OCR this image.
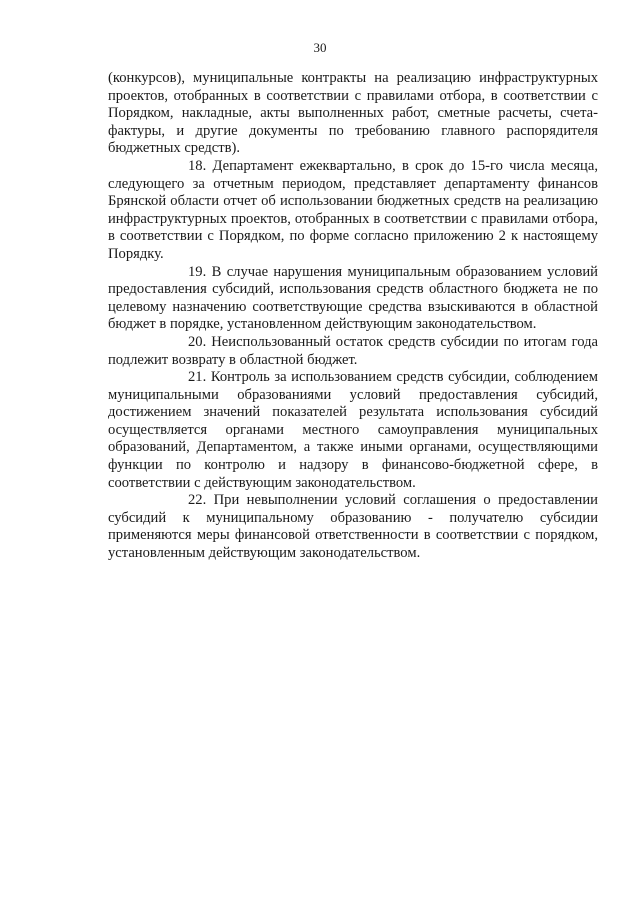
30

(конкурсов), муниципальные контракты на реализацию инфраструктурных проектов, отобранных в соответствии с правилами отбора, в соответствии с Порядком, накладные, акты выполненных работ, сметные расчеты, счета-фактуры, и другие документы по требованию главного распорядителя бюджетных средств).

18. Департамент ежеквартально, в срок до 15-го числа месяца, следующего за отчетным периодом, представляет департаменту финансов Брянской области отчет об использовании бюджетных средств на реализацию инфраструктурных проектов, отобранных в соответствии с правилами отбора, в соответствии с Порядком, по форме согласно приложению 2 к настоящему Порядку.

19. В случае нарушения муниципальным образованием условий предоставления субсидий, использования средств областного бюджета не по целевому назначению соответствующие средства взыскиваются в областной бюджет в порядке, установленном действующим законодательством.

20. Неиспользованный остаток средств субсидии по итогам года подлежит возврату в областной бюджет.

21. Контроль за использованием средств субсидии, соблюдением муниципальными образованиями условий предоставления субсидий, достижением значений показателей результата использования субсидий осуществляется органами местного самоуправления муниципальных образований, Департаментом, а также иными органами, осуществляющими функции по контролю и надзору в финансово-бюджетной сфере, в соответствии с действующим законодательством.

22. При невыполнении условий соглашения о предоставлении субсидий к муниципальному образованию - получателю субсидии применяются меры финансовой ответственности в соответствии с порядком, установленным действующим законодательством.
